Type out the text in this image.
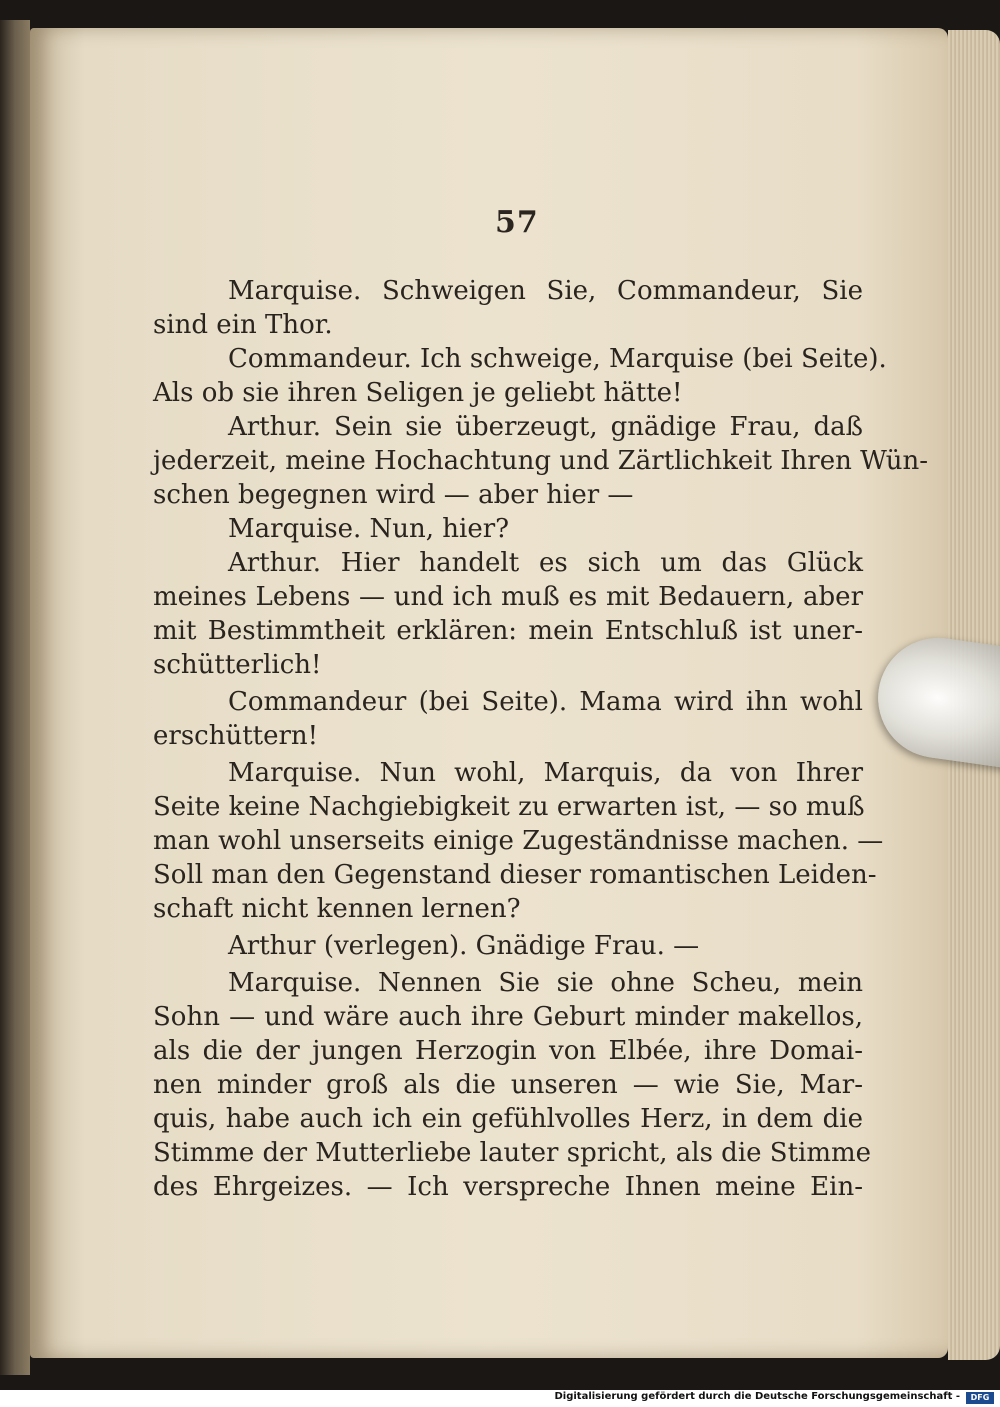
57
Marquise. Schweigen Sie, Commandeur, Sie
sind ein Thor.
Commandeur. Ich schweige, Marquise (bei Seite).
Als ob sie ihren Seligen je geliebt hätte!
Arthur. Sein sie überzeugt, gnädige Frau, daß
jederzeit, meine Hochachtung und Zärtlichkeit Ihren Wün-
schen begegnen wird — aber hier —
Marquise. Nun, hier?
Arthur. Hier handelt es sich um das Glück
meines Lebens — und ich muß es mit Bedauern, aber
mit Bestimmtheit erklären: mein Entschluß ist uner-
schütterlich!
Commandeur (bei Seite). Mama wird ihn wohl
erschüttern!
Marquise. Nun wohl, Marquis, da von Ihrer
Seite keine Nachgiebigkeit zu erwarten ist, — so muß
man wohl unserseits einige Zugeständnisse machen. —
Soll man den Gegenstand dieser romantischen Leiden-
schaft nicht kennen lernen?
Arthur (verlegen). Gnädige Frau. —
Marquise. Nennen Sie sie ohne Scheu, mein
Sohn — und wäre auch ihre Geburt minder makellos,
als die der jungen Herzogin von Elbée, ihre Domai-
nen minder groß als die unseren — wie Sie, Mar-
quis, habe auch ich ein gefühlvolles Herz, in dem die
Stimme der Mutterliebe lauter spricht, als die Stimme
des Ehrgeizes. — Ich verspreche Ihnen meine Ein-
Digitalisierung gefördert durch die Deutsche Forschungsgemeinschaft -	DFG
